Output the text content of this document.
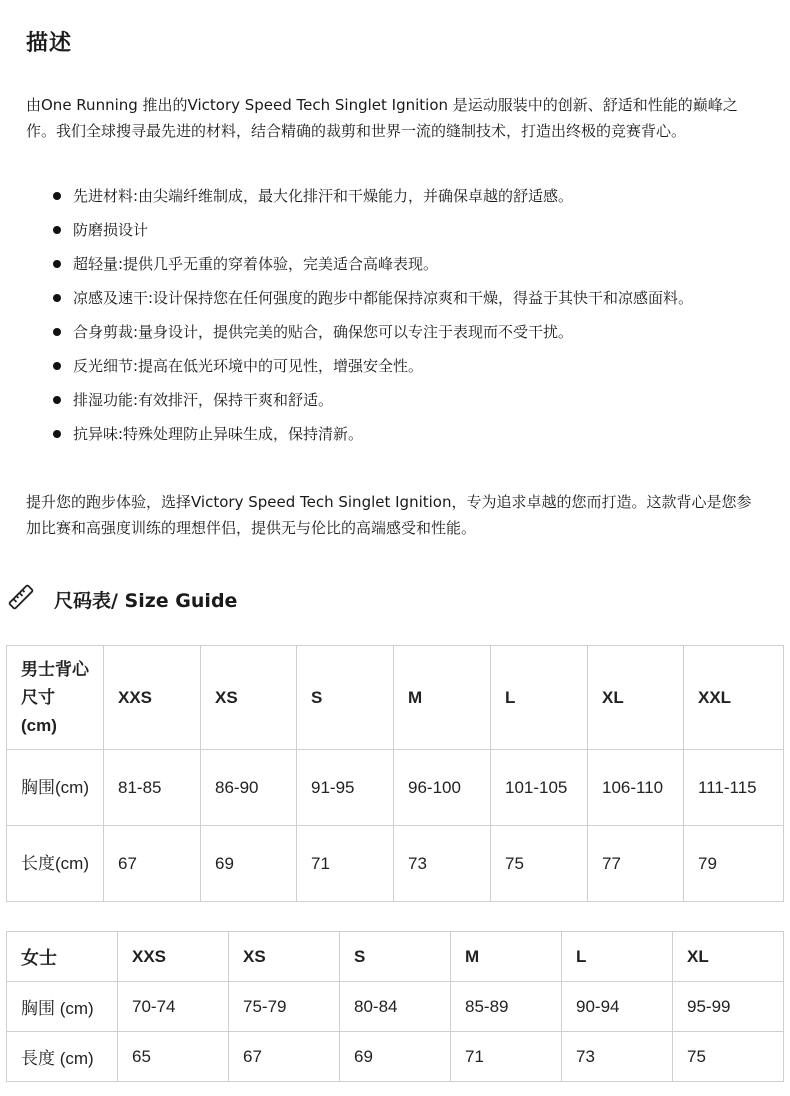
描述

由One Running 推出的Victory Speed Tech Singlet Ignition 是运动服装中的创新、舒适和性能的巅峰之作。我们全球搜寻最先进的材料，结合精确的裁剪和世界一流的缝制技术，打造出终极的竞赛背心。

先进材料:由尖端纤维制成，最大化排汗和干燥能力，并确保卓越的舒适感。
防磨损设计
超轻量:提供几乎无重的穿着体验，完美适合高峰表现。
凉感及速干:设计保持您在任何强度的跑步中都能保持凉爽和干燥，得益于其快干和凉感面料。
合身剪裁:量身设计，提供完美的贴合，确保您可以专注于表现而不受干扰。
反光细节:提高在低光环境中的可见性，增强安全性。
排湿功能:有效排汗，保持干爽和舒适。
抗异味:特殊处理防止异味生成，保持清新。

提升您的跑步体验，选择Victory Speed Tech Singlet Ignition，专为追求卓越的您而打造。这款背心是您参加比赛和高强度训练的理想伴侣，提供无与伦比的高端感受和性能。

尺码表/ Size Guide
男士背心尺寸(cm)	XXS	XS	S	M	L	XL	XXL
胸围(cm)	81-85	86-90	91-95	96-100	101-105	106-110	111-115
长度(cm)	67	69	71	73	75	77	79
女士	XXS	XS	S	M	L	XL
胸围 (cm)	70-74	75-79	80-84	85-89	90-94	95-99
長度 (cm)	65	67	69	71	73	75
